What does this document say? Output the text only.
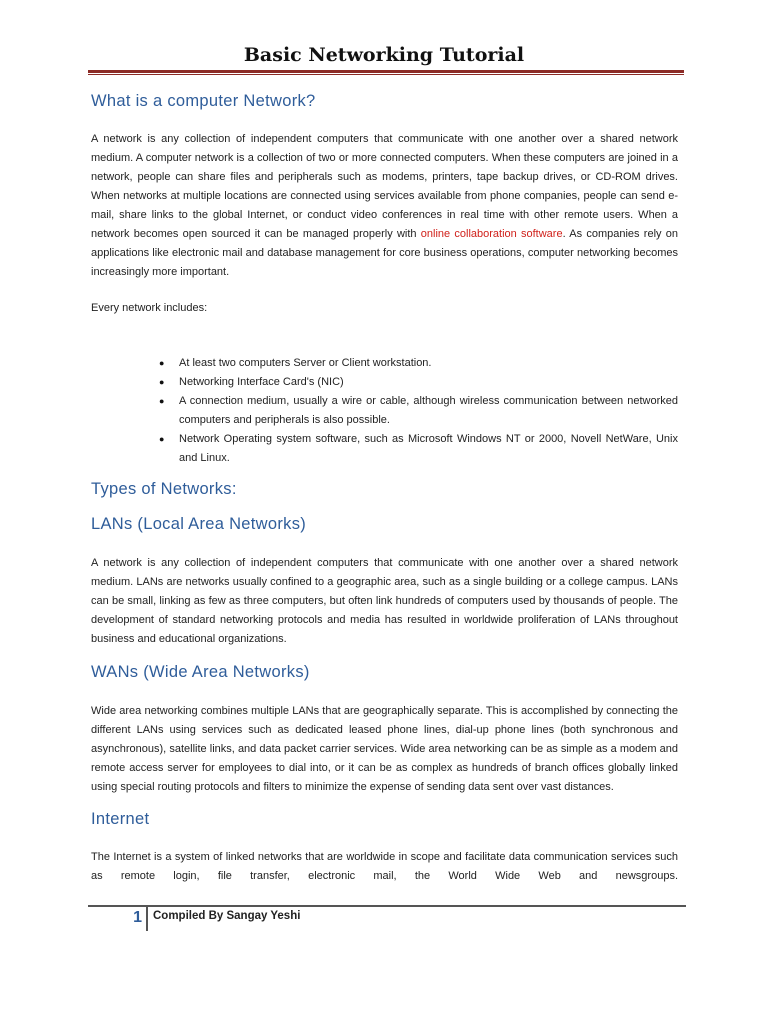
Basic Networking Tutorial
What is a computer Network?

A network is any collection of independent computers that communicate with one another over a shared network medium. A computer network is a collection of two or more connected computers. When these computers are joined in a network, people can share files and peripherals such as modems, printers, tape backup drives, or CD-ROM drives. When networks at multiple locations are connected using services available from phone companies, people can send e-mail, share links to the global Internet, or conduct video conferences in real time with other remote users. When a network becomes open sourced it can be managed properly with online collaboration software. As companies rely on applications like electronic mail and database management for core business operations, computer networking becomes increasingly more important.

Every network includes:

● At least two computers Server or Client workstation.
● Networking Interface Card's (NIC)
● A connection medium, usually a wire or cable, although wireless communication between networked computers and peripherals is also possible.
● Network Operating system software, such as Microsoft Windows NT or 2000, Novell NetWare, Unix and Linux.
Types of Networks:
LANs (Local Area Networks)

A network is any collection of independent computers that communicate with one another over a shared network medium. LANs are networks usually confined to a geographic area, such as a single building or a college campus. LANs can be small, linking as few as three computers, but often link hundreds of computers used by thousands of people. The development of standard networking protocols and media has resulted in worldwide proliferation of LANs throughout business and educational organizations.

WANs (Wide Area Networks)

Wide area networking combines multiple LANs that are geographically separate. This is accomplished by connecting the different LANs using services such as dedicated leased phone lines, dial-up phone lines (both synchronous and asynchronous), satellite links, and data packet carrier services. Wide area networking can be as simple as a modem and remote access server for employees to dial into, or it can be as complex as hundreds of branch offices globally linked using special routing protocols and filters to minimize the expense of sending data sent over vast distances.

Internet

The Internet is a system of linked networks that are worldwide in scope and facilitate data communication services such as remote login, file transfer, electronic mail, the World Wide Web and newsgroups.

1 Compiled By Sangay Yeshi
